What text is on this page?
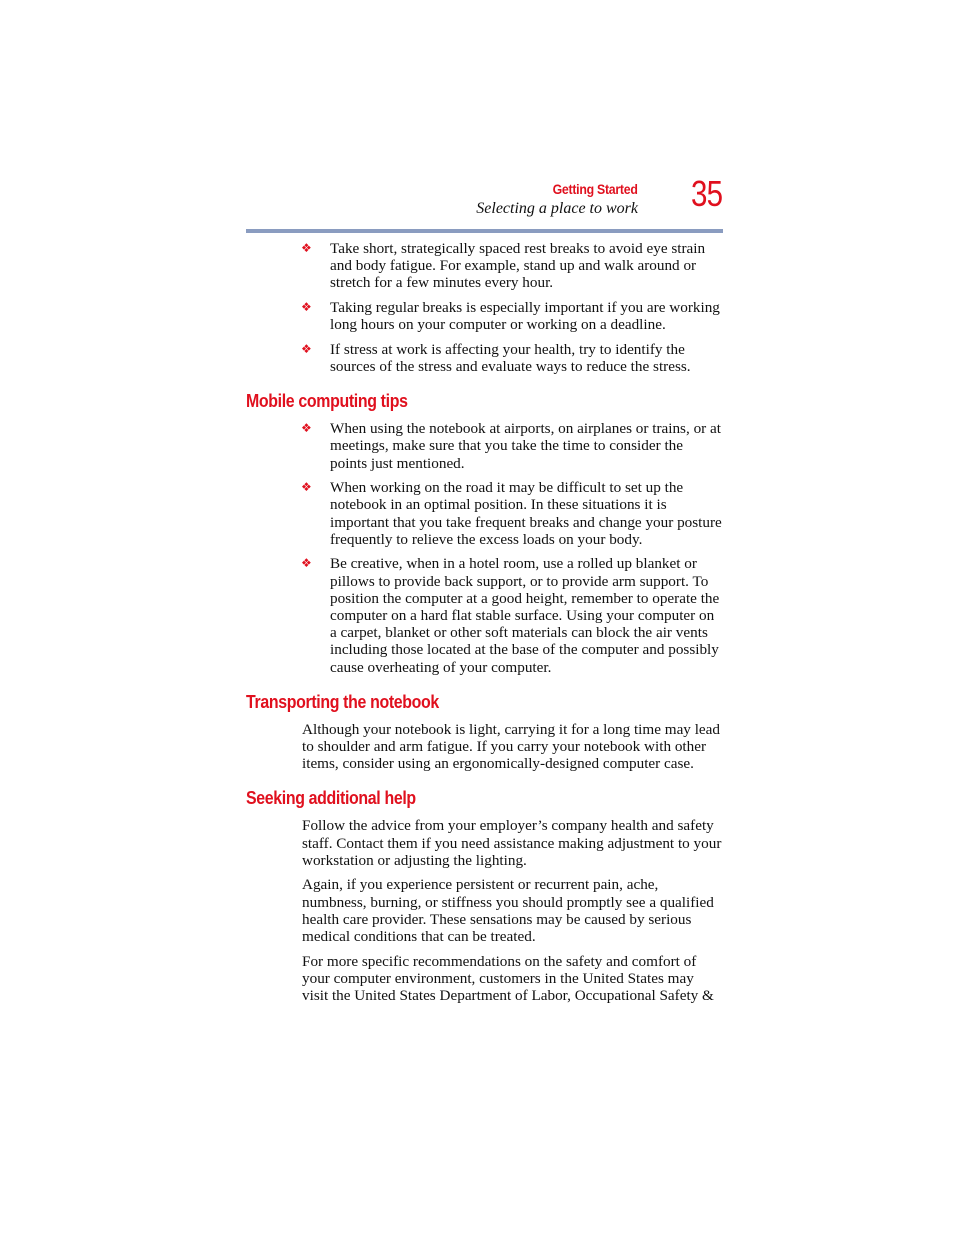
Getting Started
Selecting a place to work 35
❖ Take short, strategically spaced rest breaks to avoid eye strain and body fatigue. For example, stand up and walk around or stretch for a few minutes every hour.
❖ Taking regular breaks is especially important if you are working long hours on your computer or working on a deadline.
❖ If stress at work is affecting your health, try to identify the sources of the stress and evaluate ways to reduce the stress.
Mobile computing tips
❖ When using the notebook at airports, on airplanes or trains, or at meetings, make sure that you take the time to consider the points just mentioned.
❖ When working on the road it may be difficult to set up the notebook in an optimal position. In these situations it is important that you take frequent breaks and change your posture frequently to relieve the excess loads on your body.
❖ Be creative, when in a hotel room, use a rolled up blanket or pillows to provide back support, or to provide arm support. To position the computer at a good height, remember to operate the computer on a hard flat stable surface. Using your computer on a carpet, blanket or other soft materials can block the air vents including those located at the base of the computer and possibly cause overheating of your computer.
Transporting the notebook

Although your notebook is light, carrying it for a long time may lead to shoulder and arm fatigue. If you carry your notebook with other items, consider using an ergonomically-designed computer case.

Seeking additional help

Follow the advice from your employer’s company health and safety staff. Contact them if you need assistance making adjustment to your workstation or adjusting the lighting.

Again, if you experience persistent or recurrent pain, ache, numbness, burning, or stiffness you should promptly see a qualified health care provider. These sensations may be caused by serious medical conditions that can be treated.

For more specific recommendations on the safety and comfort of your computer environment, customers in the United States may visit the United States Department of Labor, Occupational Safety &
